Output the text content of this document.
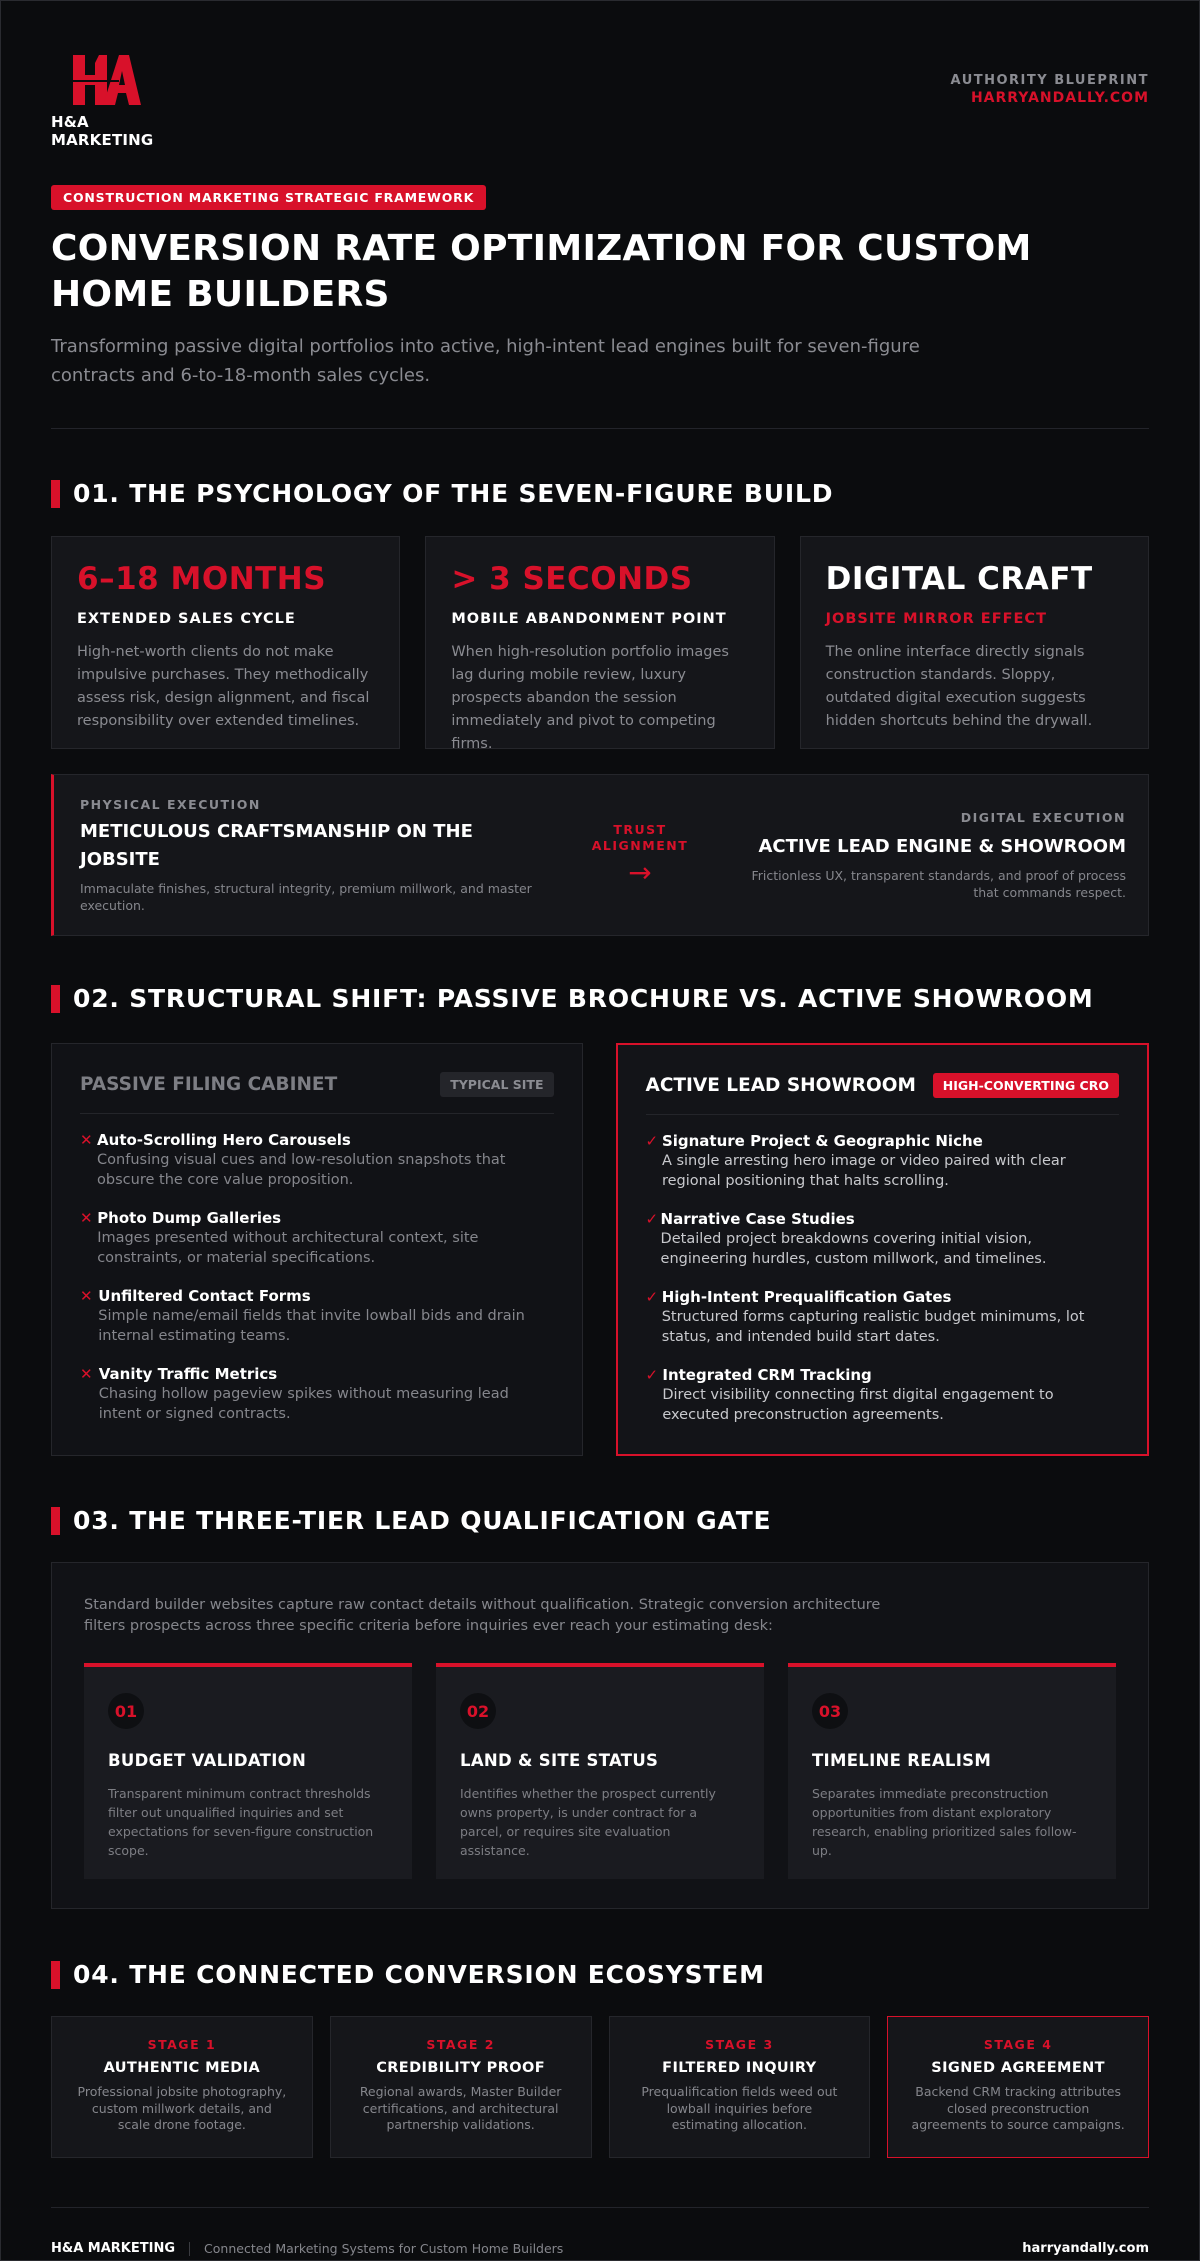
H&A MARKETING
AUTHORITY BLUEPRINT
HARRYANDALLY.COM
CONSTRUCTION MARKETING STRATEGIC FRAMEWORK
CONVERSION RATE OPTIMIZATION FOR CUSTOM HOME BUILDERS

Transforming passive digital portfolios into active, high-intent lead engines built for seven-figure contracts and 6-to-18-month sales cycles.

01. THE PSYCHOLOGY OF THE SEVEN-FIGURE BUILD
6–18 MONTHS
EXTENDED SALES CYCLE
High-net-worth clients do not make impulsive purchases. They methodically assess risk, design alignment, and fiscal responsibility over extended timelines.
> 3 SECONDS
MOBILE ABANDONMENT POINT
When high-resolution portfolio images lag during mobile review, luxury prospects abandon the session immediately and pivot to competing firms.
DIGITAL CRAFT
JOBSITE MIRROR EFFECT
The online interface directly signals construction standards. Sloppy, outdated digital execution suggests hidden shortcuts behind the drywall.
PHYSICAL EXECUTION
METICULOUS CRAFTSMANSHIP ON THE JOBSITE
Immaculate finishes, structural integrity, premium millwork, and master execution.
TRUST
ALIGNMENT
→
DIGITAL EXECUTION
ACTIVE LEAD ENGINE & SHOWROOM
Frictionless UX, transparent standards, and proof of process that commands respect.
02. STRUCTURAL SHIFT: PASSIVE BROCHURE VS. ACTIVE SHOWROOM
PASSIVE FILING CABINET	TYPICAL SITE
✕ Auto-Scrolling Hero Carousels
Confusing visual cues and low-resolution snapshots that obscure the core value proposition.
✕ Photo Dump Galleries
Images presented without architectural context, site constraints, or material specifications.
✕ Unfiltered Contact Forms
Simple name/email fields that invite lowball bids and drain internal estimating teams.
✕ Vanity Traffic Metrics
Chasing hollow pageview spikes without measuring lead intent or signed contracts.
ACTIVE LEAD SHOWROOM	HIGH-CONVERTING CRO
✓ Signature Project & Geographic Niche
A single arresting hero image or video paired with clear regional positioning that halts scrolling.
✓ Narrative Case Studies
Detailed project breakdowns covering initial vision, engineering hurdles, custom millwork, and timelines.
✓ High-Intent Prequalification Gates
Structured forms capturing realistic budget minimums, lot status, and intended build start dates.
✓ Integrated CRM Tracking
Direct visibility connecting first digital engagement to executed preconstruction agreements.
03. THE THREE-TIER LEAD QUALIFICATION GATE

Standard builder websites capture raw contact details without qualification. Strategic conversion architecture filters prospects across three specific criteria before inquiries ever reach your estimating desk:

01
BUDGET VALIDATION
Transparent minimum contract thresholds filter out unqualified inquiries and set expectations for seven-figure construction scope.
02
LAND & SITE STATUS
Identifies whether the prospect currently owns property, is under contract for a parcel, or requires site evaluation assistance.
03
TIMELINE REALISM
Separates immediate preconstruction opportunities from distant exploratory research, enabling prioritized sales follow-up.
04. THE CONNECTED CONVERSION ECOSYSTEM
STAGE 1
AUTHENTIC MEDIA
Professional jobsite photography, custom millwork details, and scale drone footage.
STAGE 2
CREDIBILITY PROOF
Regional awards, Master Builder certifications, and architectural partnership validations.
STAGE 3
FILTERED INQUIRY
Prequalification fields weed out lowball inquiries before estimating allocation.
STAGE 4
SIGNED AGREEMENT
Backend CRM tracking attributes closed preconstruction agreements to source campaigns.
H&A MARKETING Connected Marketing Systems for Custom Home Builders	harryandally.com
